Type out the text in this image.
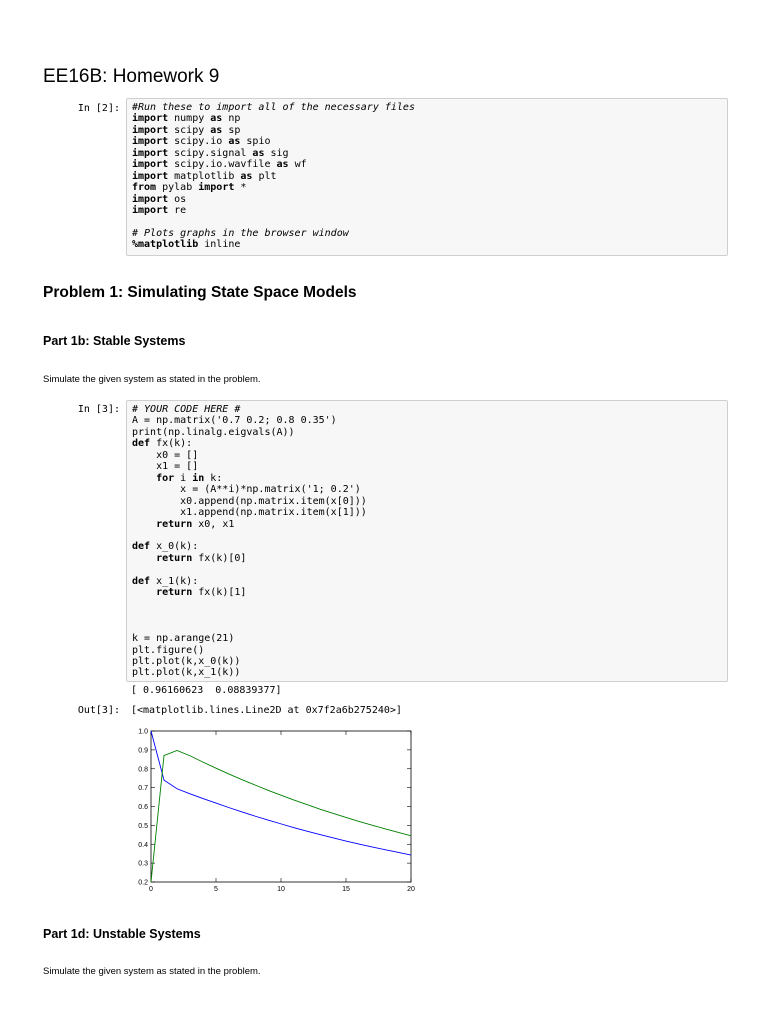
EE16B: Homework 9
In [2]: #Run these to import all of the necessary files
import numpy as np
import scipy as sp
import scipy.io as spio
import scipy.signal as sig
import scipy.io.wavfile as wf
import matplotlib as plt
from pylab import *
import os
import re

# Plots graphs in the browser window
%matplotlib inline
Problem 1: Simulating State Space Models
Part 1b: Stable Systems

Simulate the given system as stated in the problem.

In [3]: # YOUR CODE HERE #
A = np.matrix('0.7 0.2; 0.8 0.35')
print(np.linalg.eigvals(A))
def fx(k):
x0 = []
x1 = []
for i in k:
x = (A**i)*np.matrix('1; 0.2')
x0.append(np.matrix.item(x[0]))
x1.append(np.matrix.item(x[1]))
return x0, x1

def x_0(k):
return fx(k)[0]

def x_1(k):
return fx(k)[1]

k = np.arange(21)
plt.figure()
plt.plot(k,x_0(k))
plt.plot(k,x_1(k))
[ 0.96160623  0.08839377]
Out[3]: [<matplotlib.lines.Line2D at 0x7f2a6b275240>]
0.2
0.3
0.4
0.5
0.6
0.7
0.8
0.9
1.0
0	5	10	15	20
Part 1d: Unstable Systems

Simulate the given system as stated in the problem.
